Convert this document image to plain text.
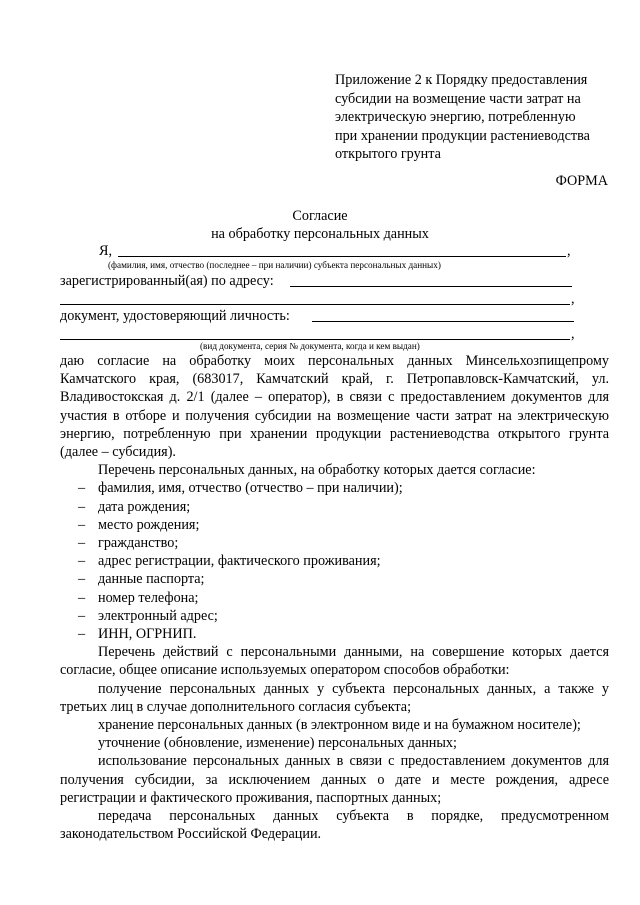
Приложение 2 к Порядку предоставления
субсидии на возмещение части затрат на
электрическую энергию, потребленную
при хранении продукции растениеводства
открытого грунта
ФОРМА
Согласие
на обработку персональных данных
Я,	,
(фамилия, имя, отчество (последнее – при наличии) субъекта персональных данных)
зарегистрированный(ая) по адресу:
,
документ, удостоверяющий личность:
,
(вид документа, серия № документа, когда и кем выдан)

даю согласие на обработку моих персональных данных Минсельхозпищепрому Камчатского края, (683017, Камчатский край, г. Петропавловск-Камчатский, ул. Владивостокская д. 2/1 (далее – оператор), в связи с предоставлением документов для участия в отборе и получения субсидии на возмещение части затрат на электрическую энергию, потребленную при хранении продукции растениеводства открытого грунта (далее – субсидия).

Перечень персональных данных, на обработку которых дается согласие:

– фамилия, имя, отчество (отчество – при наличии);
– дата рождения;
– место рождения;
– гражданство;
– адрес регистрации, фактического проживания;
– данные паспорта;
– номер телефона;
– электронный адрес;
– ИНН, ОГРНИП.

Перечень действий с персональными данными, на совершение которых дается согласие, общее описание используемых оператором способов обработки:

получение персональных данных у субъекта персональных данных, а также у третьих лиц в случае дополнительного согласия субъекта;

хранение персональных данных (в электронном виде и на бумажном носителе);

уточнение (обновление, изменение) персональных данных;

использование персональных данных в связи с предоставлением документов для получения субсидии, за исключением данных о дате и месте рождения, адресе регистрации и фактического проживания, паспортных данных;

передача персональных данных субъекта в порядке, предусмотренном законодательством Российской Федерации.
